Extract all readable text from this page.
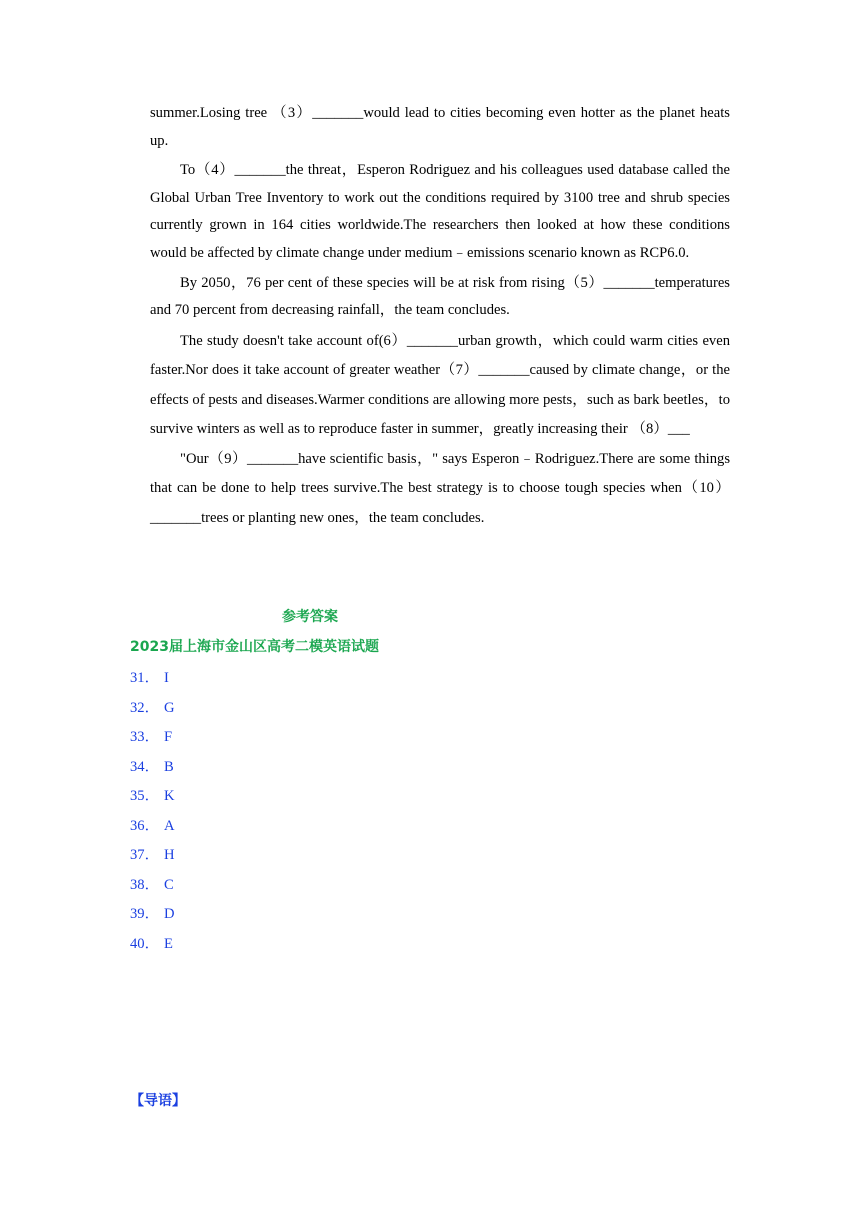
summer.Losing tree （3）_______would lead to cities becoming even hotter as the planet heats up.

To（4）_______the threat，Esperon Rodriguez and his colleagues used database called the Global Urban Tree Inventory to work out the conditions required by 3100 tree and shrub species currently grown in 164 cities worldwide.The researchers then looked at how these conditions would be affected by climate change under medium﹣emissions scenario known as RCP6.0.

By 2050，76 per cent of these species will be at risk from rising（5）_______temperatures and 70 percent from decreasing rainfall，the team concludes.

The study doesn't take account of(6）_______urban growth，which could warm cities even faster.Nor does it take account of greater weather（7）_______caused by climate change，or the effects of pests and diseases.Warmer conditions are allowing more pests，such as bark beetles，to survive winters as well as to reproduce faster in summer，greatly increasing their （8）___

"Our（9）_______have scientific basis，" says Esperon﹣Rodriguez.There are some things that can be done to help trees survive.The best strategy is to choose tough species when（10）_______trees or planting new ones，the team concludes.

参考答案
2023届上海市金山区高考二模英语试题
31． I
32． G
33． F
34． B
35． K
36． A
37． H
38． C
39． D
40． E
【导语】
